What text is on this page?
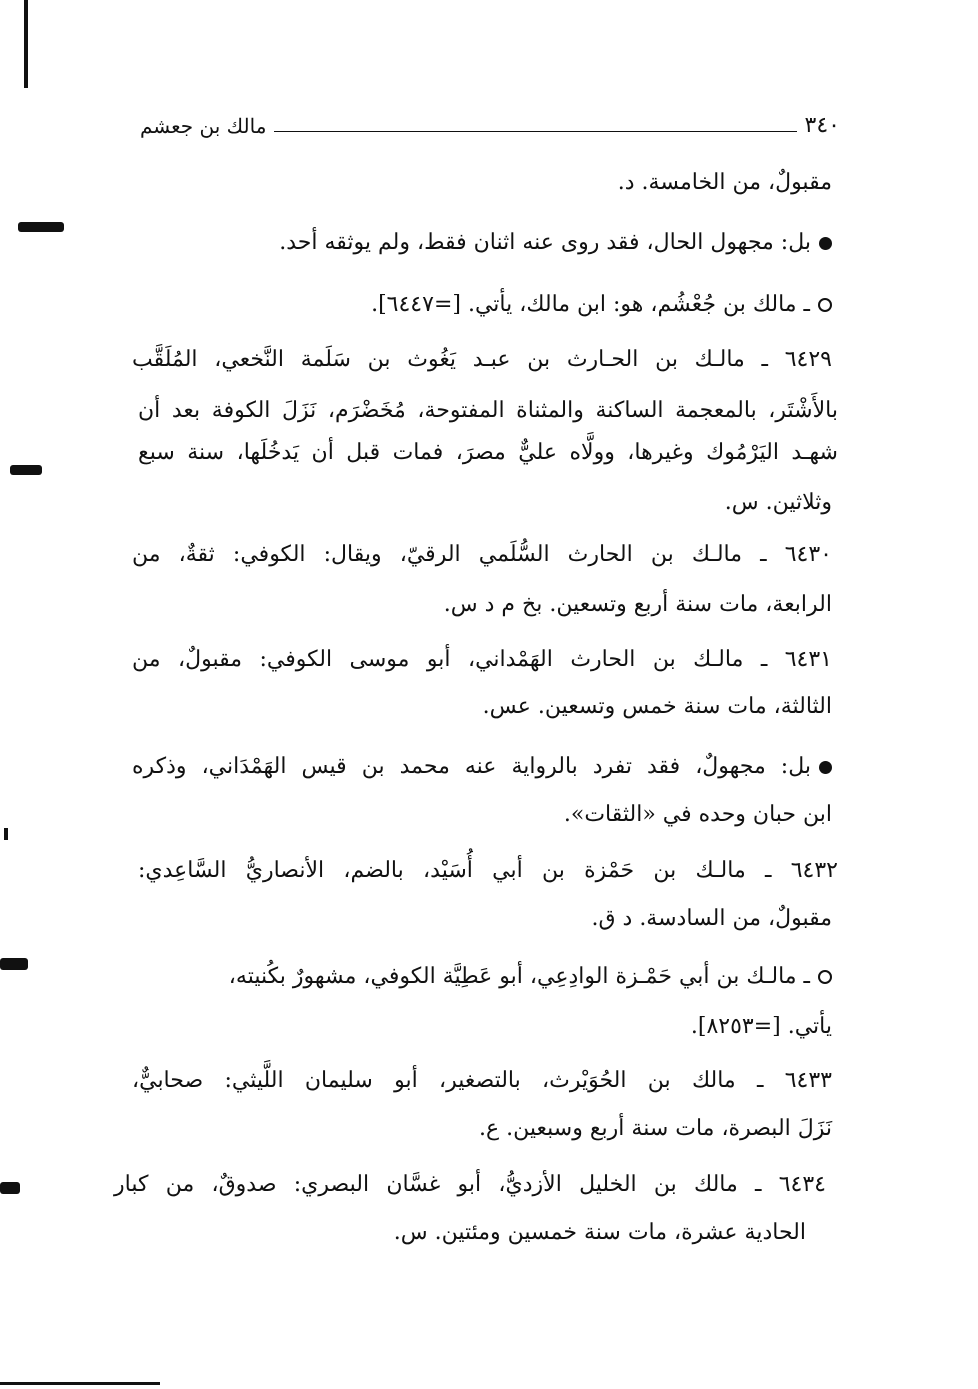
٣٤٠
مالك بن جعشم
مقبولٌ، من الخامسة. د.
بل: مجهول الحال، فقد روى عنه اثنان فقط، ولم يوثقه أحد.
ـ مالك بن جُعْشُم، هو: ابن مالك، يأتي. [=٦٤٤٧].
٦٤٢٩ ـ مالـك بن الحـارث بن عبـد يَغُوث بن سَلَمة النَّخعي، المُلَقَّب
بالأَشْتَر، بالمعجمة الساكنة والمثناة المفتوحة، مُخَضْرَم، نَزَلَ الكوفة بعد أن
شهـد اليَرْمُوك وغيرها، وولَّاه عليٌّ مصرَ، فمات قبل أن يَدخُلَها، سنة سبع
وثلاثين. س.
٦٤٣٠ ـ مالـك بن الحارث السُّلَمي الرقيّ، ويقال: الكوفي: ثقةٌ، من
الرابعة، مات سنة أربع وتسعين. بخ م د س.
٦٤٣١ ـ مالـك بن الحارث الهَمْداني، أبو موسى الكوفي: مقبولٌ، من
الثالثة، مات سنة خمس وتسعين. عس.
بل: مجهولٌ، فقد تفرد بالرواية عنه محمد بن قيس الهَمْدَاني، وذكره
ابن حبان وحده في «الثقات».
٦٤٣٢ ـ مالـك بن حَمْزة بن أبي أُسَيْد، بالضم، الأنصاريُّ السَّاعِدي:
مقبولٌ، من السادسة. د ق.
ـ مالـك بن أبي حَمْـزة الوادِعِي، أبو عَطِيَّة الكوفي، مشهورٌ بكُنيته،
يأتي. [=٨٢٥٣].
٦٤٣٣ ـ مالك بن الحُوَيْرث، بالتصغير، أبو سليمان اللَّيثي: صحابيٌّ،
نَزَلَ البصرة، مات سنة أربع وسبعين. ع.
٦٤٣٤ ـ مالك بن الخليل الأزديُّ، أبو غسَّان البصري: صدوقٌ، من كبار
الحادية عشرة، مات سنة خمسين ومئتين. س.
